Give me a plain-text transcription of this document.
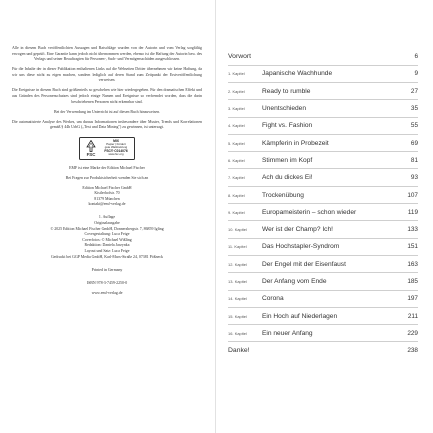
Alle in diesem Buch veröffentlichten Aussagen und Ratschläge wurden von der Autorin und vom Verlag sorgfältig erwogen und geprüft. Eine Garantie kann jedoch nicht übernommen werden, ebenso ist die Haftung der Autorin bzw. des Verlags und seiner Beauftragten für Personen-, Sach- und Vermögensschäden ausgeschlossen.

Für die Inhalte der in dieser Publikation enthaltenen Links auf die Webseiten Dritter übernehmen wir keine Haftung, da wir uns diese nicht zu eigen machen, sondern lediglich auf deren Stand zum Zeitpunkt der Erstveröffentlichung verweisen.

Die Ereignisse in diesem Buch sind größtenteils so geschehen wie hier wiedergegeben. Für den dramatischen Effekt und aus Gründen des Personenschutzes sind jedoch einige Namen und Ereignisse so verfremdet worden, dass die darin beschriebenen Personen nicht erkennbar sind.

Bei der Verwendung im Unterricht ist auf diesen Buch hinzuweisen.

Die automatisierte Analyse des Werkes, um daraus Informationen insbesondere über Muster, Trends und Korrelationen gemäß § 44b UrhG („Text und Data Mining") zu gewinnen, ist untersagt.

FSC
MIX
Papier | Fördert
gute Waldnutzung
FSC® C014076
www.fsc.org

EMF ist eine Marke der Edition Michael Fischer

Bei Fragen zur Produktsicherheit wenden Sie sich an

Edition Michael Fischer GmbH
Kistlerhofstr. 70
81379 München
kontakt@emf-verlag.de

1. Auflage
Originalausgabe
© 2025 Edition Michael Fischer GmbH, Donnersbergstr. 7, 86859 Igling
Covergestaltung: Luca Feige
Coverfotos: © Michael Wißling
Redaktion: Daniela Jarzynka
Layout und Satz: Luca Feige
Gedruckt bei GGP Media GmbH, Karl-Marx-Straße 24, 07381 Pößneck

Printed in Germany

ISBN 978-3-7459-2250-0

www.emf-verlag.de

Vorwort	6
1. Kapitel	Japanische Wachhunde	9
2. Kapitel	Ready to rumble	27
3. Kapitel	Unentschieden	35
4. Kapitel	Fight vs. Fashion	55
5. Kapitel	Kämpferin in Probezeit	69
6. Kapitel	Stimmen im Kopf	81
7. Kapitel	Ach du dickes Ei!	93
8. Kapitel	Trockenübung	107
9. Kapitel	Europameisterin – schon wieder	119
10. Kapitel	Wer ist der Champ? Ich!	133
11. Kapitel	Das Hochstapler-Syndrom	151
12. Kapitel	Der Engel mit der Eisenfaust	163
13. Kapitel	Der Anfang vom Ende	185
14. Kapitel	Corona	197
15. Kapitel	Ein Hoch auf Niederlagen	211
16. Kapitel	Ein neuer Anfang	229
Danke!	238
